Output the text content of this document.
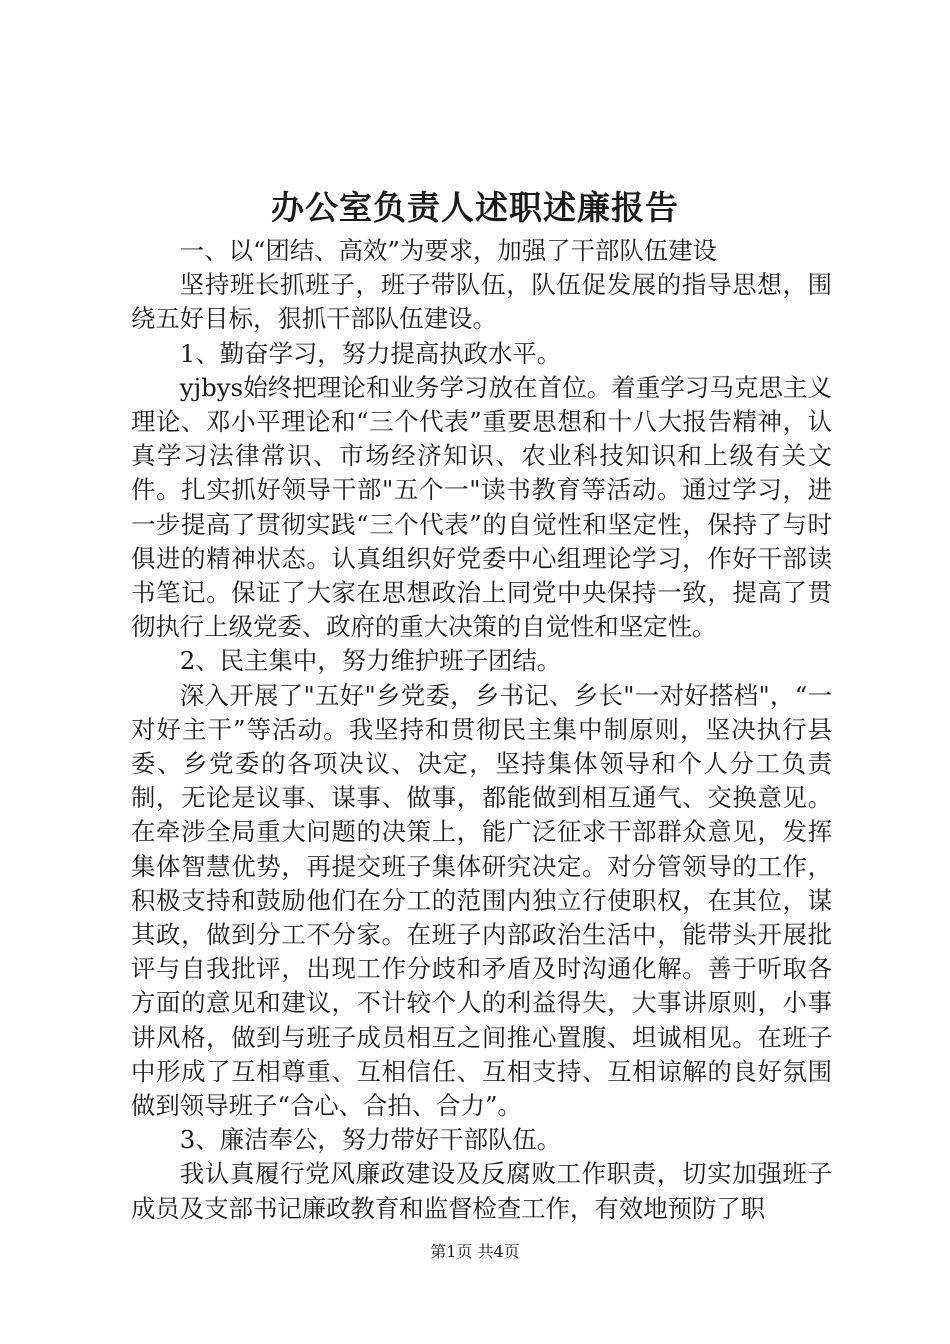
办公室负责人述职述廉报告

一、以“团结、高效”为要求，加强了干部队伍建设

坚持班长抓班子，班子带队伍，队伍促发展的指导思想，围绕五好目标，狠抓干部队伍建设。

1、勤奋学习，努力提高执政水平。

yjbys始终把理论和业务学习放在首位。着重学习马克思主义理论、邓小平理论和“三个代表”重要思想和十八大报告精神，认真学习法律常识、市场经济知识、农业科技知识和上级有关文件。扎实抓好领导干部"五个一"读书教育等活动。通过学习，进一步提高了贯彻实践“三个代表”的自觉性和坚定性，保持了与时俱进的精神状态。认真组织好党委中心组理论学习，作好干部读书笔记。保证了大家在思想政治上同党中央保持一致，提高了贯彻执行上级党委、政府的重大决策的自觉性和坚定性。

2、民主集中，努力维护班子团结。

深入开展了"五好"乡党委，乡书记、乡长"一对好搭档"，“一对好主干”等活动。我坚持和贯彻民主集中制原则，坚决执行县委、乡党委的各项决议、决定，坚持集体领导和个人分工负责制，无论是议事、谋事、做事，都能做到相互通气、交换意见。在牵涉全局重大问题的决策上，能广泛征求干部群众意见，发挥集体智慧优势，再提交班子集体研究决定。对分管领导的工作，积极支持和鼓励他们在分工的范围内独立行使职权，在其位，谋其政，做到分工不分家。在班子内部政治生活中，能带头开展批评与自我批评，出现工作分歧和矛盾及时沟通化解。善于听取各方面的意见和建议，不计较个人的利益得失，大事讲原则，小事讲风格，做到与班子成员相互之间推心置腹、坦诚相见。在班子中形成了互相尊重、互相信任、互相支持、互相谅解的良好氛围做到领导班子“合心、合拍、合力”。

3、廉洁奉公，努力带好干部队伍。

我认真履行党风廉政建设及反腐败工作职责，切实加强班子成员及支部书记廉政教育和监督检查工作，有效地预防了职

第1页 共4页
